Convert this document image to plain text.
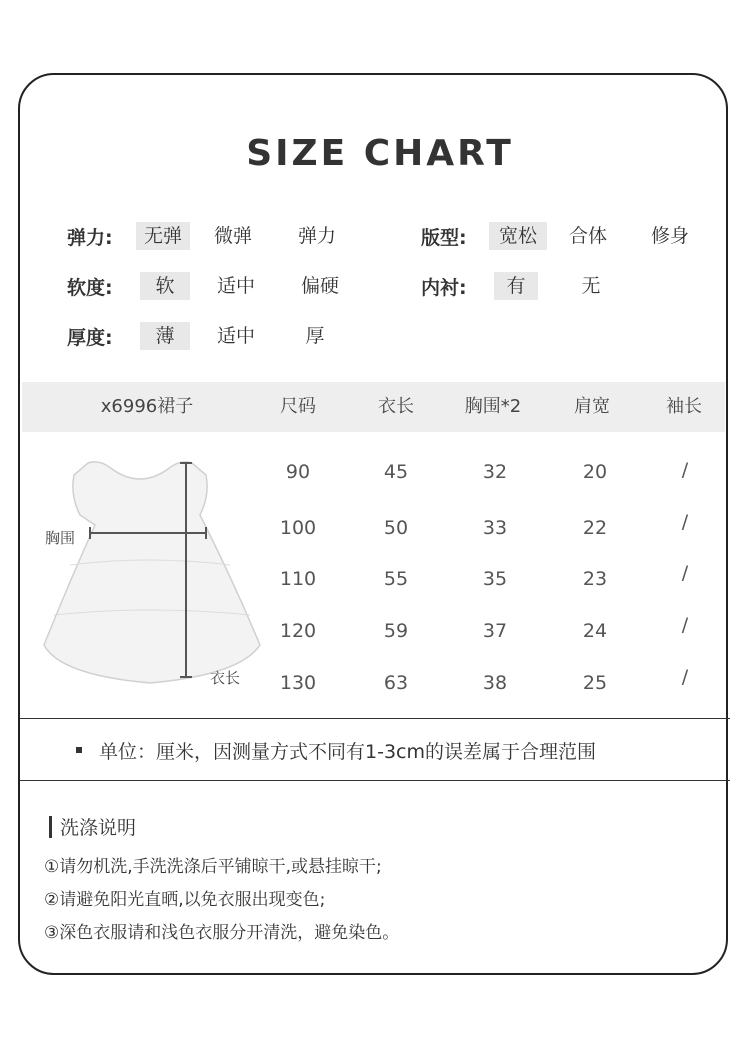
SIZE CHART
弹力:	无弹	微弹	弹力
软度:	软	适中	偏硬
厚度:	薄	适中	厚
版型:	宽松	合体	修身
内衬:	有	无
x6996裙子	尺码	衣长	胸围*2	肩宽	袖长
胸围
衣长
90	45	32	20	/
100	50	33	22	/
110	55	35	23	/
120	59	37	24	/
130	63	38	25	/
单位：厘米，因测量方式不同有1-3cm的误差属于合理范围
洗涤说明
①请勿机洗,手洗洗涤后平铺晾干,或悬挂晾干;
②请避免阳光直晒,以免衣服出现变色;
③深色衣服请和浅色衣服分开清洗，避免染色。
